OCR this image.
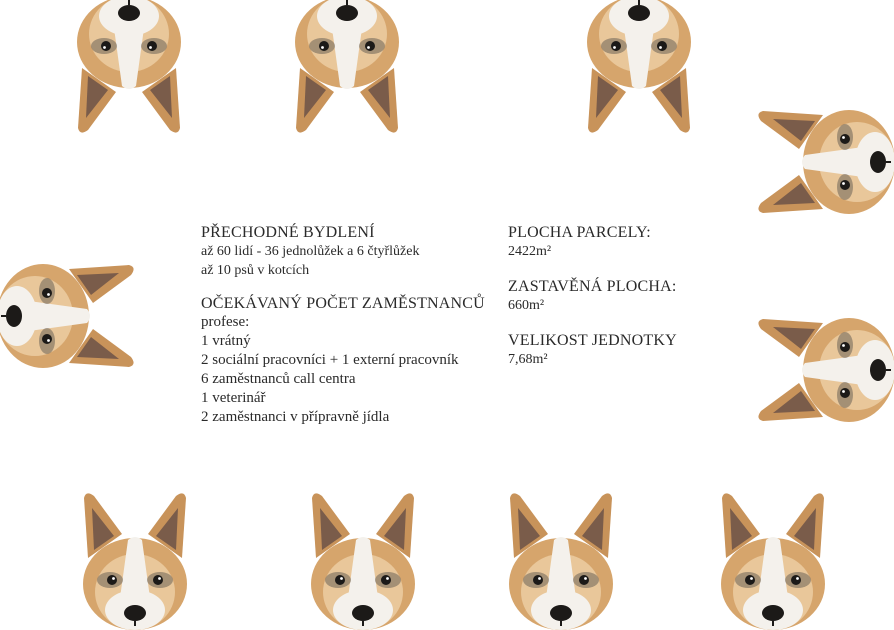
PŘECHODNÉ BYDLENÍ
až 60 lidí - 36 jednolůžek a 6 čtyřlůžek
až 10 psů v kotcích
OČEKÁVANÝ POČET ZAMĚSTNANCŮ
profese:
1 vrátný
2 sociální pracovníci + 1 externí pracovník
6 zaměstnanců call centra
1 veterinář
2 zaměstnanci v přípravně jídla
PLOCHA PARCELY:
2422m²
ZASTAVĚNÁ PLOCHA:
660m²
VELIKOST JEDNOTKY
7,68m²
